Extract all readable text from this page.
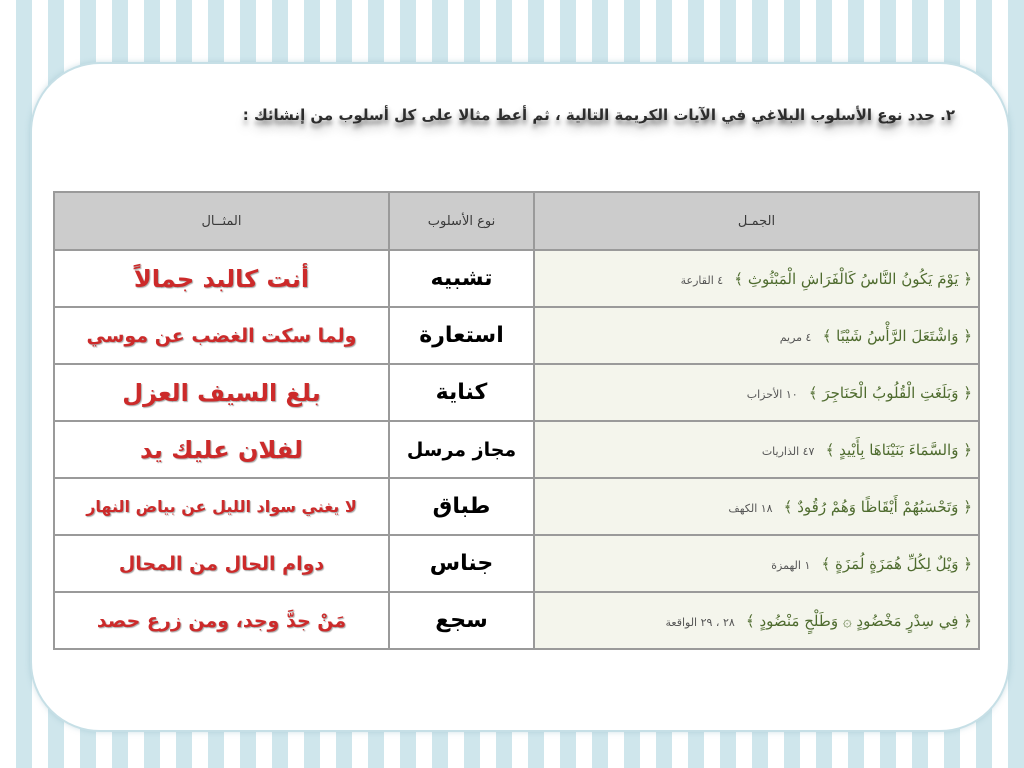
٢. حدد نوع الأسلوب البلاغي في الآيات الكريمة التالية ، ثم أعط مثالا على كل أسلوب من إنشائك :
الجمـل	نوع الأسلوب	المثــال
﴿ يَوْمَ يَكُونُ النَّاسُ كَالْفَرَاشِ الْمَبْثُوثِ ﴾ ٤ القارعة	تشبيه	أنت كالبد جمالاً
﴿ وَاشْتَعَلَ الرَّأْسُ شَيْبًا ﴾ ٤ مريم	استعارة	ولما سكت الغضب عن موسي
﴿ وَبَلَغَتِ الْقُلُوبُ الْحَنَاجِرَ ﴾ ١٠ الأحزاب	كناية	بلغ السيف العزل
﴿ وَالسَّمَاءَ بَنَيْنَاهَا بِأَيْيدٍ ﴾ ٤٧ الذاريات	مجاز مرسل	لفلان عليك يد
﴿ وَتَحْسَبُهُمْ أَيْقَاظًا وَهُمْ رُقُودٌ ﴾ ١٨ الكهف	طباق	لا يغني سواد الليل عن بياض النهار
﴿ وَيْلٌ لِكُلِّ هُمَزَةٍ لُمَزَةٍ ﴾ ١ الهمزة	جناس	دوام الحال من المحال
﴿ فِي سِدْرٍ مَخْضُودٍ ۞ وَطَلْحٍ مَنْضُودٍ ﴾ ٢٨ ، ٢٩ الواقعة	سجع	مَنْ جدَّ وجد، ومن زرع حصد
